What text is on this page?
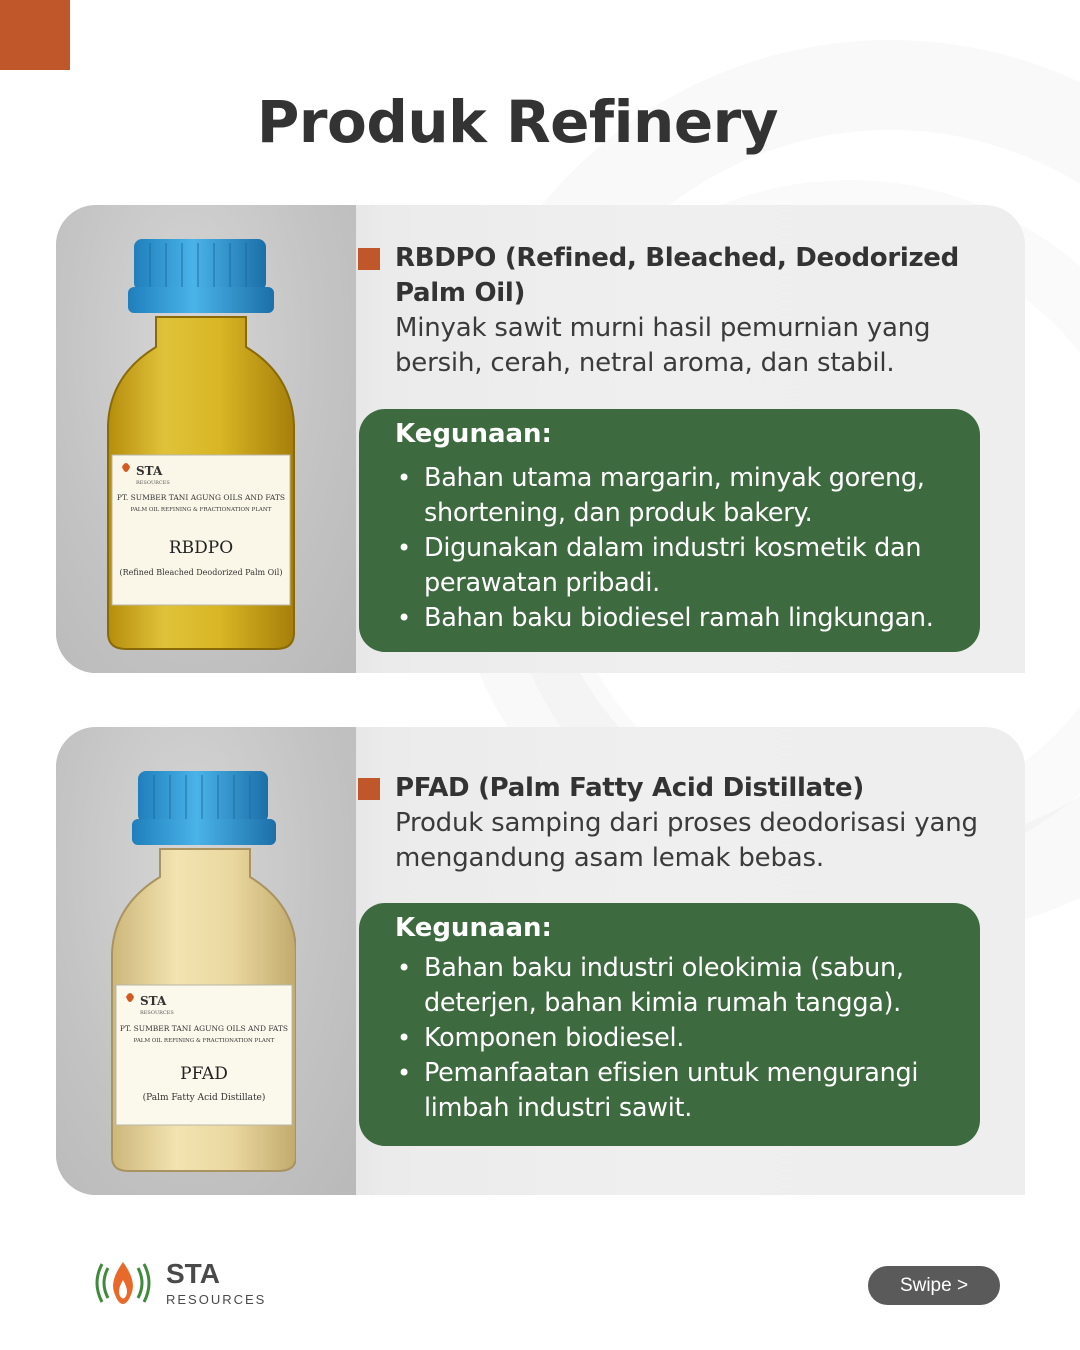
Produk Refinery
STA
RESOURCES
PT. SUMBER TANI AGUNG OILS AND FATS
PALM OIL REFINING & FRACTIONATION PLANT
RBDPO
(Refined Bleached Deodorized Palm Oil)
RBDPO (Refined, Bleached, Deodorized Palm Oil)
Minyak sawit murni hasil pemurnian yang bersih, cerah, netral aroma, dan stabil.
Kegunaan:
• Bahan utama margarin, minyak goreng, shortening, dan produk bakery.
• Digunakan dalam industri kosmetik dan perawatan pribadi.
• Bahan baku biodiesel ramah lingkungan.
STA
RESOURCES
PT. SUMBER TANI AGUNG OILS AND FATS
PALM OIL REFINING & FRACTIONATION PLANT
PFAD
(Palm Fatty Acid Distillate)
PFAD (Palm Fatty Acid Distillate)
Produk samping dari proses deodorisasi yang mengandung asam lemak bebas.
Kegunaan:
• Bahan baku industri oleokimia (sabun, deterjen, bahan kimia rumah tangga).
• Komponen biodiesel.
• Pemanfaatan efisien untuk mengurangi limbah industri sawit.
STA
RESOURCES
Swipe >
